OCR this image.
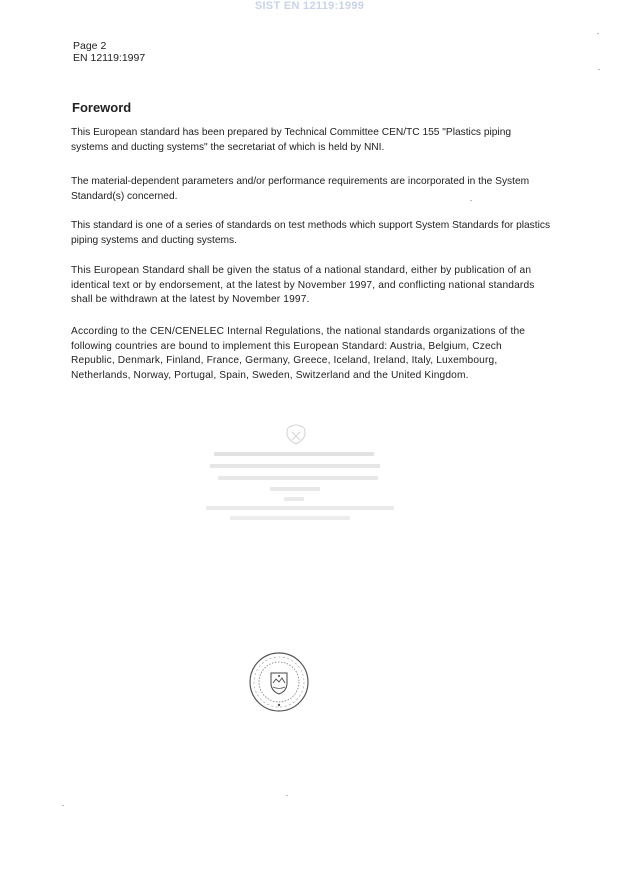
SIST EN 12119:1999
Page 2
EN 12119:1997
Foreword

This European standard has been prepared by Technical Committee CEN/TC 155 "Plastics piping systems and ducting systems" the secretariat of which is held by NNI.

The material-dependent parameters and/or performance requirements are incorporated in the System Standard(s) concerned.

This standard is one of a series of standards on test methods which support System Standards for plastics piping systems and ducting systems.

This European Standard shall be given the status of a national standard, either by publication of an identical text or by endorsement, at the latest by November 1997, and conflicting national standards shall be withdrawn at the latest by November 1997.

According to the CEN/CENELEC Internal Regulations, the national standards organizations of the following countries are bound to implement this European Standard: Austria, Belgium, Czech Republic, Denmark, Finland, France, Germany, Greece, Iceland, Ireland, Italy, Luxembourg, Netherlands, Norway, Portugal, Spain, Sweden, Switzerland and the United Kingdom.
